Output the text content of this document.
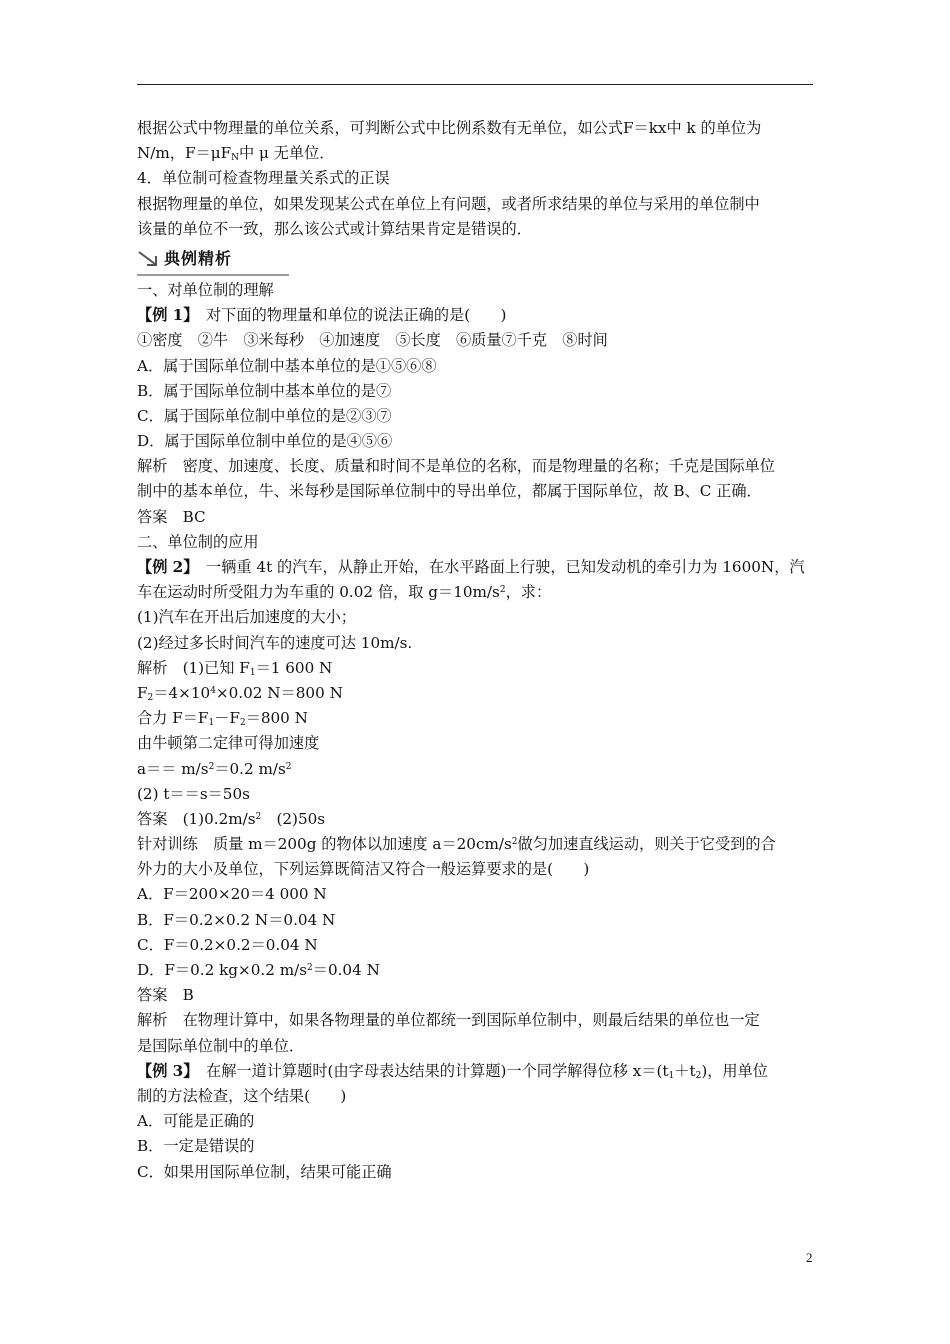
根据公式中物理量的单位关系，可判断公式中比例系数有无单位，如公式F＝kx中 k 的单位为
N/m，$F=\mu F_N$中 μ 无单位．
4．单位制可检查物理量关系式的正误
根据物理量的单位，如果发现某公式在单位上有问题，或者所求结果的单位与采用的单位制中
该量的单位不一致，那么该公式或计算结果肯定是错误的．
典例精析
一、对单位制的理解
【例 1】　 对下面的物理量和单位的说法正确的是(　　)
①密度　②牛　③米每秒　④加速度　⑤长度　⑥质量⑦千克　⑧时间
A．属于国际单位制中基本单位的是①⑤⑥⑧
B．属于国际单位制中基本单位的是⑦
C．属于国际单位制中单位的是②③⑦
D．属于国际单位制中单位的是④⑤⑥
解析　密度、加速度、长度、质量和时间不是单位的名称，而是物理量的名称；千克是国际单位
制中的基本单位，牛、米每秒是国际单位制中的导出单位，都属于国际单位，故 B、C 正确．
答案　BC
二、单位制的应用
【例 2】　 一辆重 4t 的汽车，从静止开始，在水平路面上行驶，已知发动机的牵引力为 1600N，汽
车在运动时所受阻力为车重的 0.02 倍，取 $g=10m/s^2$，求：
(1)汽车在开出后加速度的大小；
(2)经过多长时间汽车的速度可达 10m/s.
解析　(1)已知 $F_1=1$ 600 N
$F_2=4\times 10^4\times 0.02$ N＝800 N
合力 $F=F_1-F_2=800$ N
由牛顿第二定律可得加速度
$a== m/s^2=0.2$ $m/s^2$
(2) t＝＝s＝50s
答案　$(1)0.2m/s^2$　(2)50s
针对训练　质量 m＝200g 的物体以加速度 $a=20cm/s^2$做匀加速直线运动，则关于它受到的合
外力的大小及单位，下列运算既简洁又符合一般运算要求的是(　　)
A．F＝200×20＝4 000 N
B．F＝0.2×0.2 N＝0.04 N
C．F＝0.2×0.2＝0.04 N
D．F＝0.2 kg×0.2 $m/s^2=0.04$ N
答案　B
解析　在物理计算中，如果各物理量的单位都统一到国际单位制中，则最后结果的单位也一定
是国际单位制中的单位．
【例 3】　 在解一道计算题时(由字母表达结果的计算题)一个同学解得位移 $x=(t_1+t_2)$，用单位
制的方法检查，这个结果(　　)
A．可能是正确的
B．一定是错误的
C．如果用国际单位制，结果可能正确
2
